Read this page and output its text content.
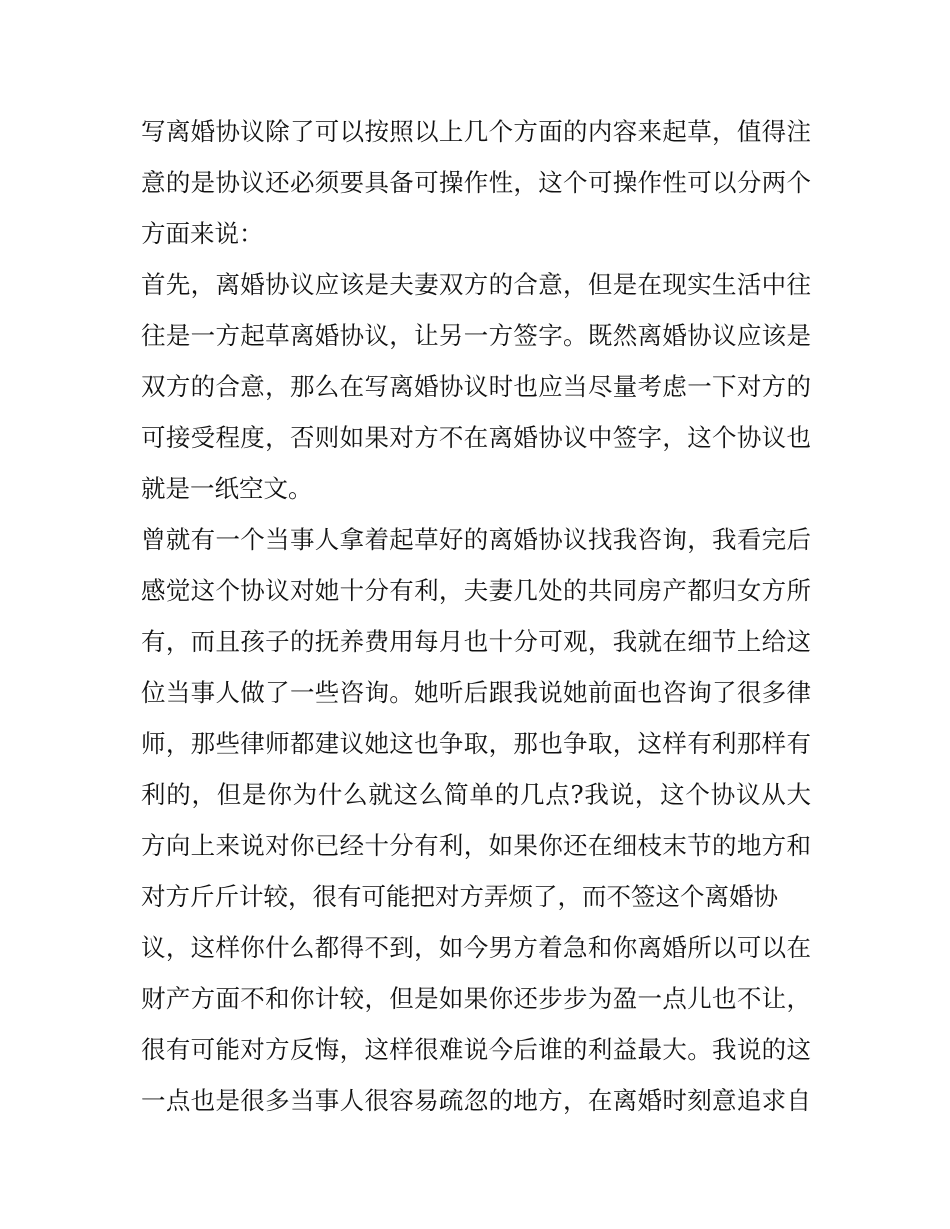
写离婚协议除了可以按照以上几个方面的内容来起草，值得注
意的是协议还必须要具备可操作性，这个可操作性可以分两个
方面来说：
首先，离婚协议应该是夫妻双方的合意，但是在现实生活中往
往是一方起草离婚协议，让另一方签字。既然离婚协议应该是
双方的合意，那么在写离婚协议时也应当尽量考虑一下对方的
可接受程度，否则如果对方不在离婚协议中签字，这个协议也
就是一纸空文。
曾就有一个当事人拿着起草好的离婚协议找我咨询，我看完后
感觉这个协议对她十分有利，夫妻几处的共同房产都归女方所
有，而且孩子的抚养费用每月也十分可观，我就在细节上给这
位当事人做了一些咨询。她听后跟我说她前面也咨询了很多律
师，那些律师都建议她这也争取，那也争取，这样有利那样有
利的，但是你为什么就这么简单的几点?我说，这个协议从大
方向上来说对你已经十分有利，如果你还在细枝末节的地方和
对方斤斤计较，很有可能把对方弄烦了，而不签这个离婚协
议，这样你什么都得不到，如今男方着急和你离婚所以可以在
财产方面不和你计较，但是如果你还步步为盈一点儿也不让，
很有可能对方反悔，这样很难说今后谁的利益最大。我说的这
一点也是很多当事人很容易疏忽的地方，在离婚时刻意追求自
